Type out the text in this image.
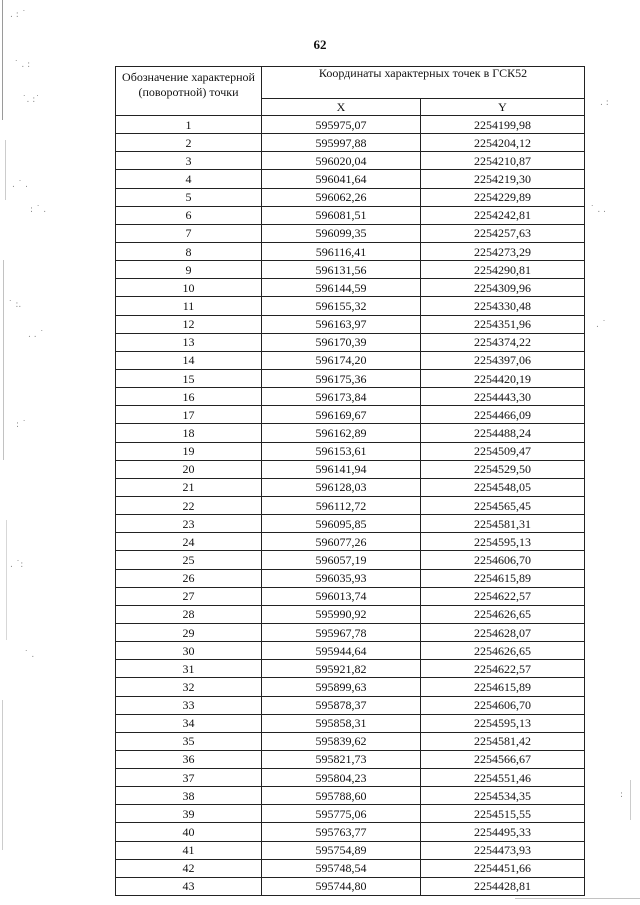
62
Обозначение характерной (поворотной) точки	Координаты характерных точек в ГСК52	
	X	Y
1	595975,07	2254199,98
2	595997,88	2254204,12
3	596020,04	2254210,87
4	596041,64	2254219,30
5	596062,26	2254229,89
6	596081,51	2254242,81
7	596099,35	2254257,63
8	596116,41	2254273,29
9	596131,56	2254290,81
10	596144,59	2254309,96
11	596155,32	2254330,48
12	596163,97	2254351,96
13	596170,39	2254374,22
14	596174,20	2254397,06
15	596175,36	2254420,19
16	596173,84	2254443,30
17	596169,67	2254466,09
18	596162,89	2254488,24
19	596153,61	2254509,47
20	596141,94	2254529,50
21	596128,03	2254548,05
22	596112,72	2254565,45
23	596095,85	2254581,31
24	596077,26	2254595,13
25	596057,19	2254606,70
26	596035,93	2254615,89
27	596013,74	2254622,57
28	595990,92	2254626,65
29	595967,78	2254628,07
30	595944,64	2254626,65
31	595921,82	2254622,57
32	595899,63	2254615,89
33	595878,37	2254606,70
34	595858,31	2254595,13
35	595839,62	2254581,42
36	595821,73	2254566,67
37	595804,23	2254551,46
38	595788,60	2254534,35
39	595775,06	2254515,55
40	595763,77	2254495,33
41	595754,89	2254473,93
42	595748,54	2254451,66
43	595744,80	2254428,81
. : ˙
˙ . :
˙. :˙
. ˙ .
: ˙ .
˙ :.
. . ˙
: ˙
. ˙:
˙ .
. :
˙ . .
. ˙
:
